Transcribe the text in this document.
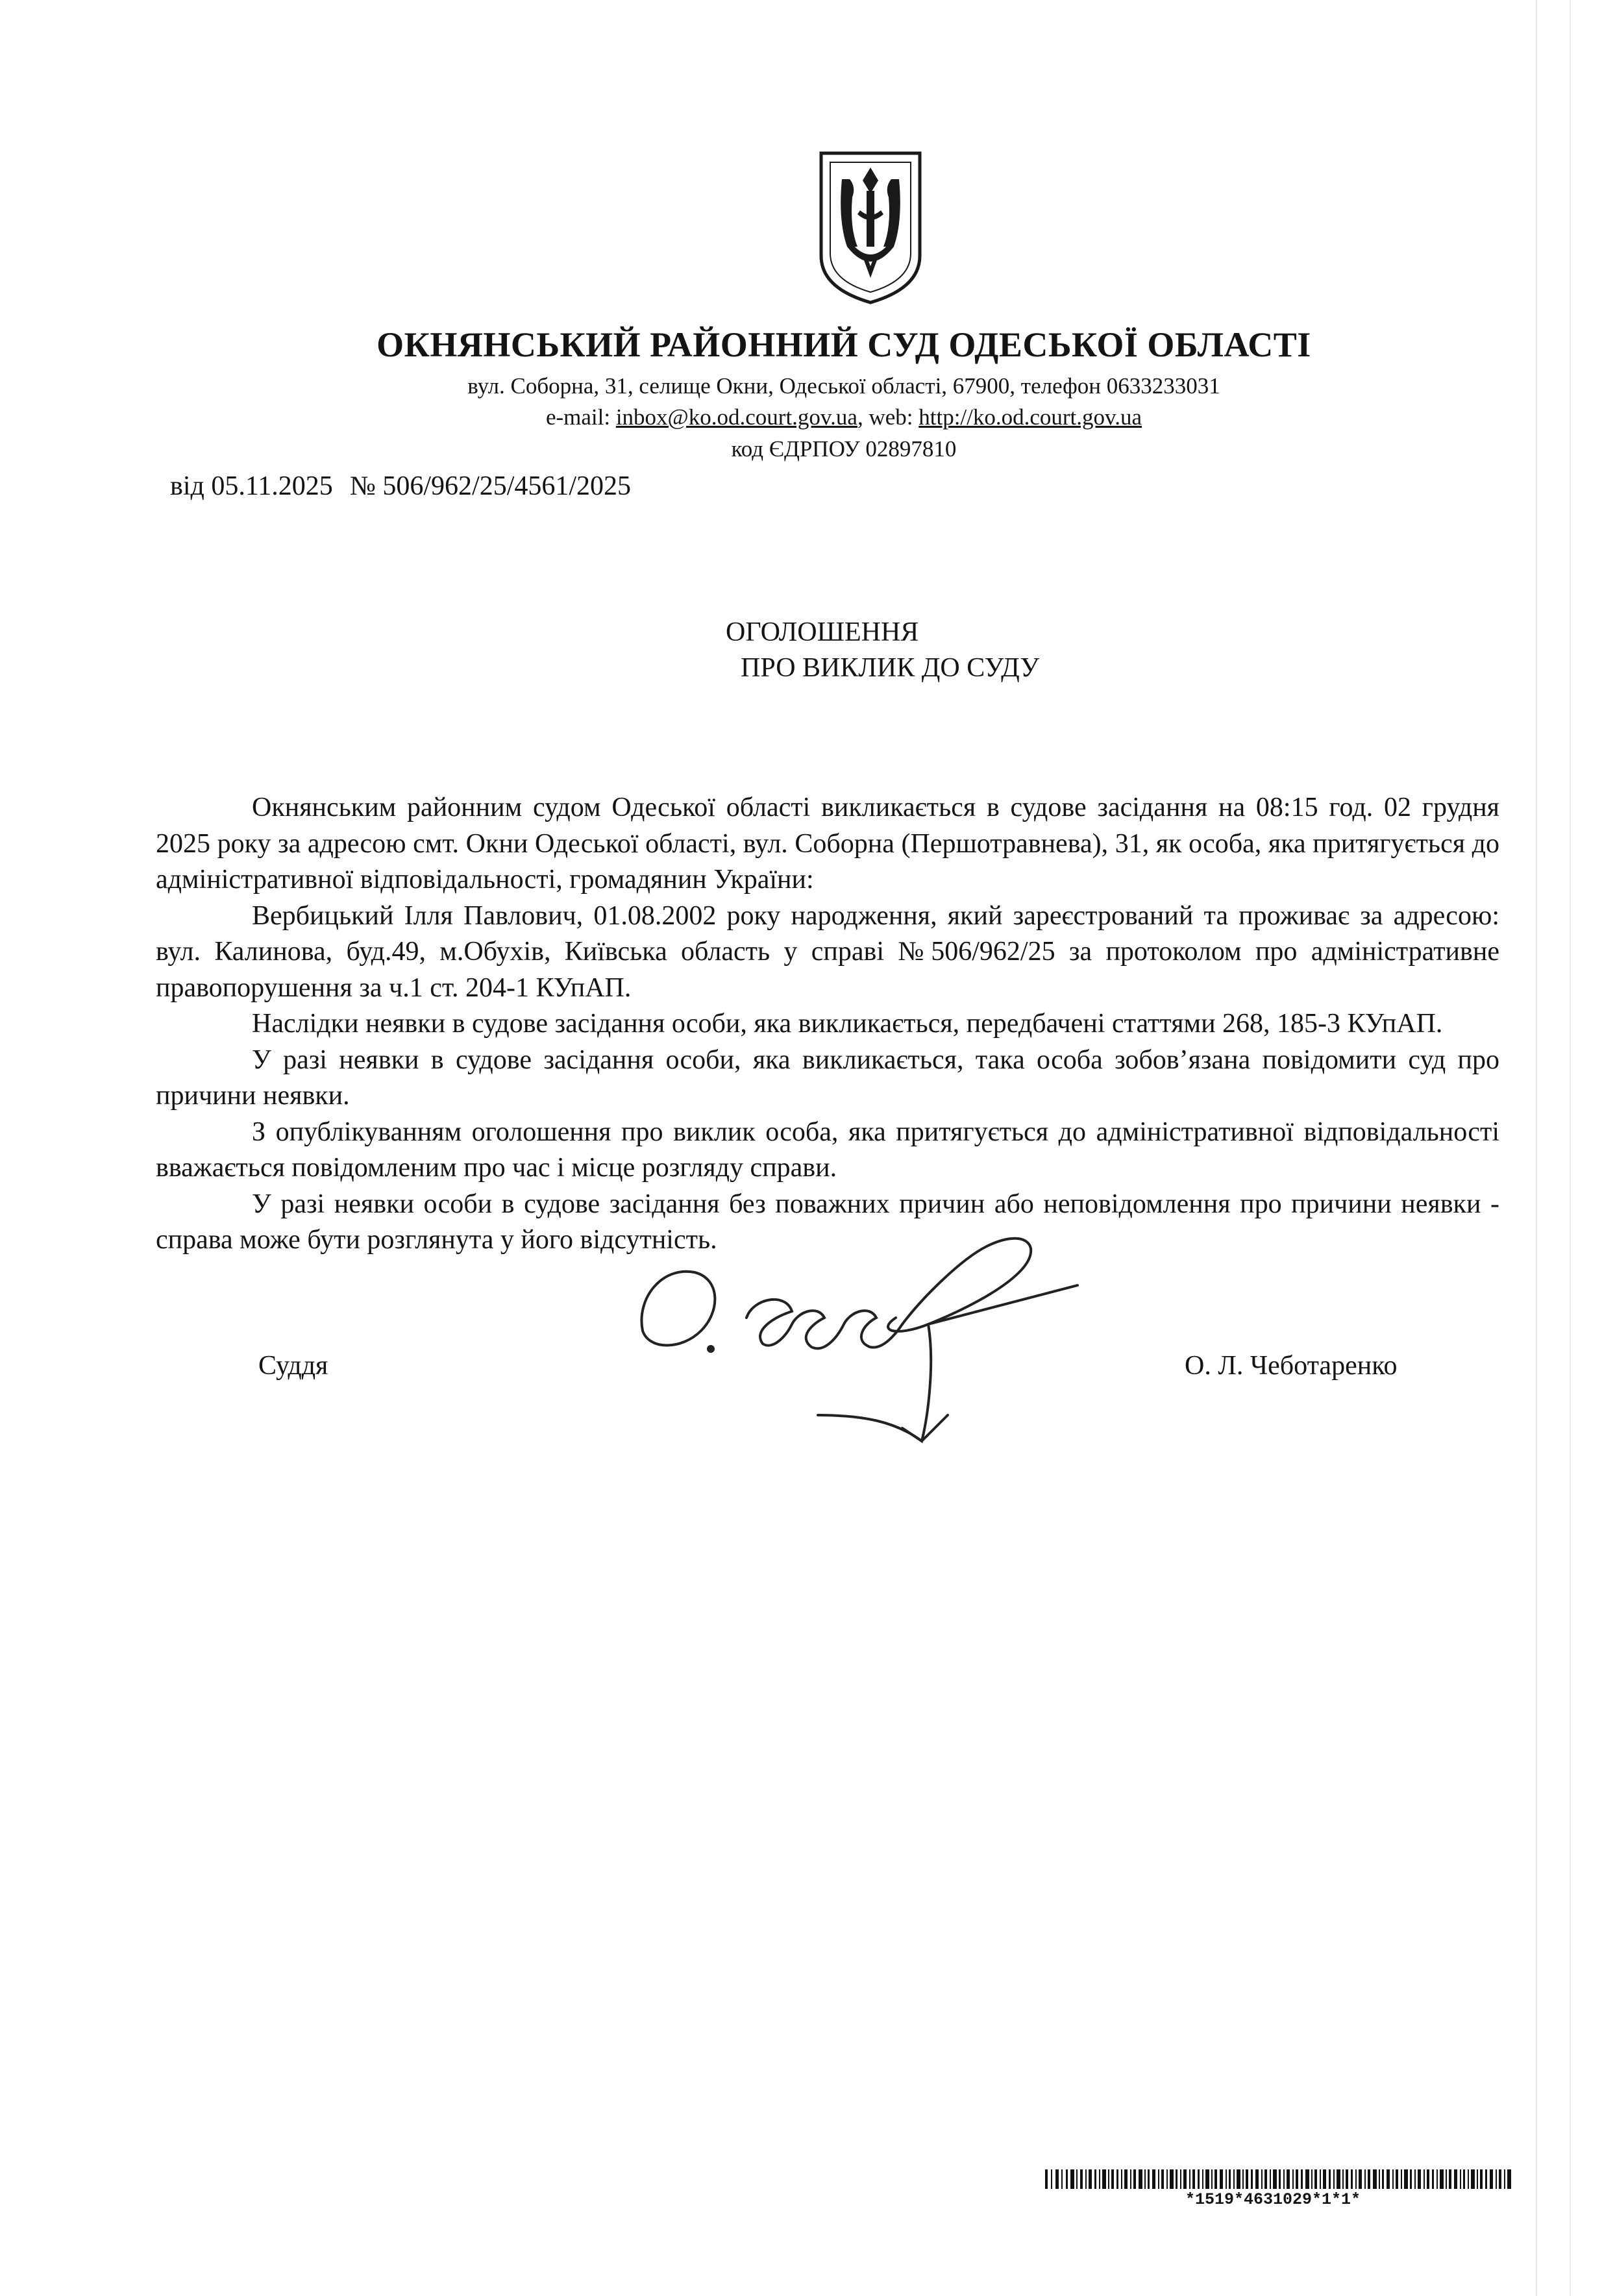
ОКНЯНСЬКИЙ РАЙОННИЙ СУД ОДЕСЬКОЇ ОБЛАСТІ
вул. Соборна, 31, селище Окни, Одеської області, 67900, телефон 0633233031
e-mail: inbox@ko.od.court.gov.ua, web: http://ko.od.court.gov.ua
код ЄДРПОУ 02897810
від 05.11.2025 № 506/962/25/4561/2025
ОГОЛОШЕННЯ
ПРО ВИКЛИК ДО СУДУ

Окнянським районним судом Одеської області викликається в судове засідання на 08:15 год. 02 грудня 2025 року за адресою смт. Окни Одеської області, вул. Соборна (Першотравнева), 31, як особа, яка притягується до адміністративної відповідальності, громадянин України:

Вербицький Ілля Павлович, 01.08.2002 року народження, який зареєстрований та проживає за адресою: вул. Калинова, буд.49, м.Обухів, Київська область у справі №506/962/25 за протоколом про адміністративне правопорушення за ч.1 ст. 204-1 КУпАП.

Наслідки неявки в судове засідання особи, яка викликається, передбачені статтями 268, 185-3 КУпАП.

У разі неявки в судове засідання особи, яка викликається, така особа зобов’язана повідомити суд про причини неявки.

З опублікуванням оголошення про виклик особа, яка притягується до адміністративної відповідальності вважається повідомленим про час і місце розгляду справи.

У разі неявки особи в судове засідання без поважних причин або неповідомлення про причини неявки - справа може бути розглянута у його відсутність.

Суддя	О. Л. Чеботаренко
*1519*4631029*1*1*
